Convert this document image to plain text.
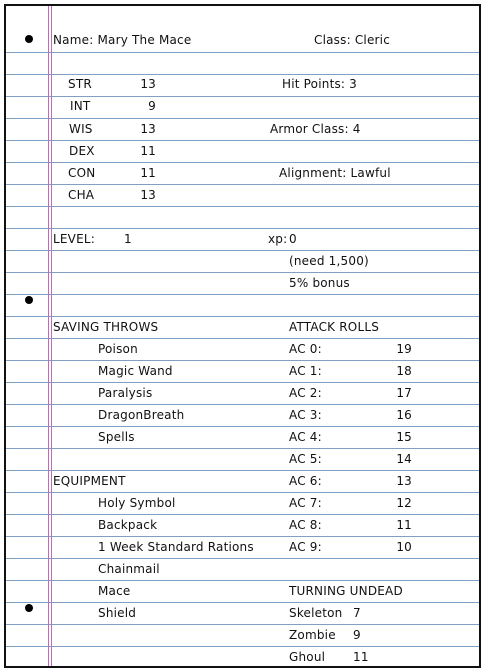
Name: Mary The Mace	Class: Cleric
STR	13
INT	9
WIS	13
DEX	11
CON	11
CHA	13
Hit Points: 3
Armor Class: 4
Alignment: Lawful
LEVEL: 1	xp: 0
(need 1,500)
5% bonus
SAVING THROWS
Poison
Magic Wand
Paralysis
DragonBreath
Spells
ATTACK ROLLS
AC 0:	19
AC 1:	18
AC 2:	17
AC 3:	16
AC 4:	15
AC 5:	14
AC 6:	13
AC 7:	12
AC 8:	11
AC 9:	10
EQUIPMENT
Holy Symbol
Backpack
1 Week Standard Rations
Chainmail
Mace
Shield
TURNING UNDEAD
Skeleton 7
Zombie 9
Ghoul 11
